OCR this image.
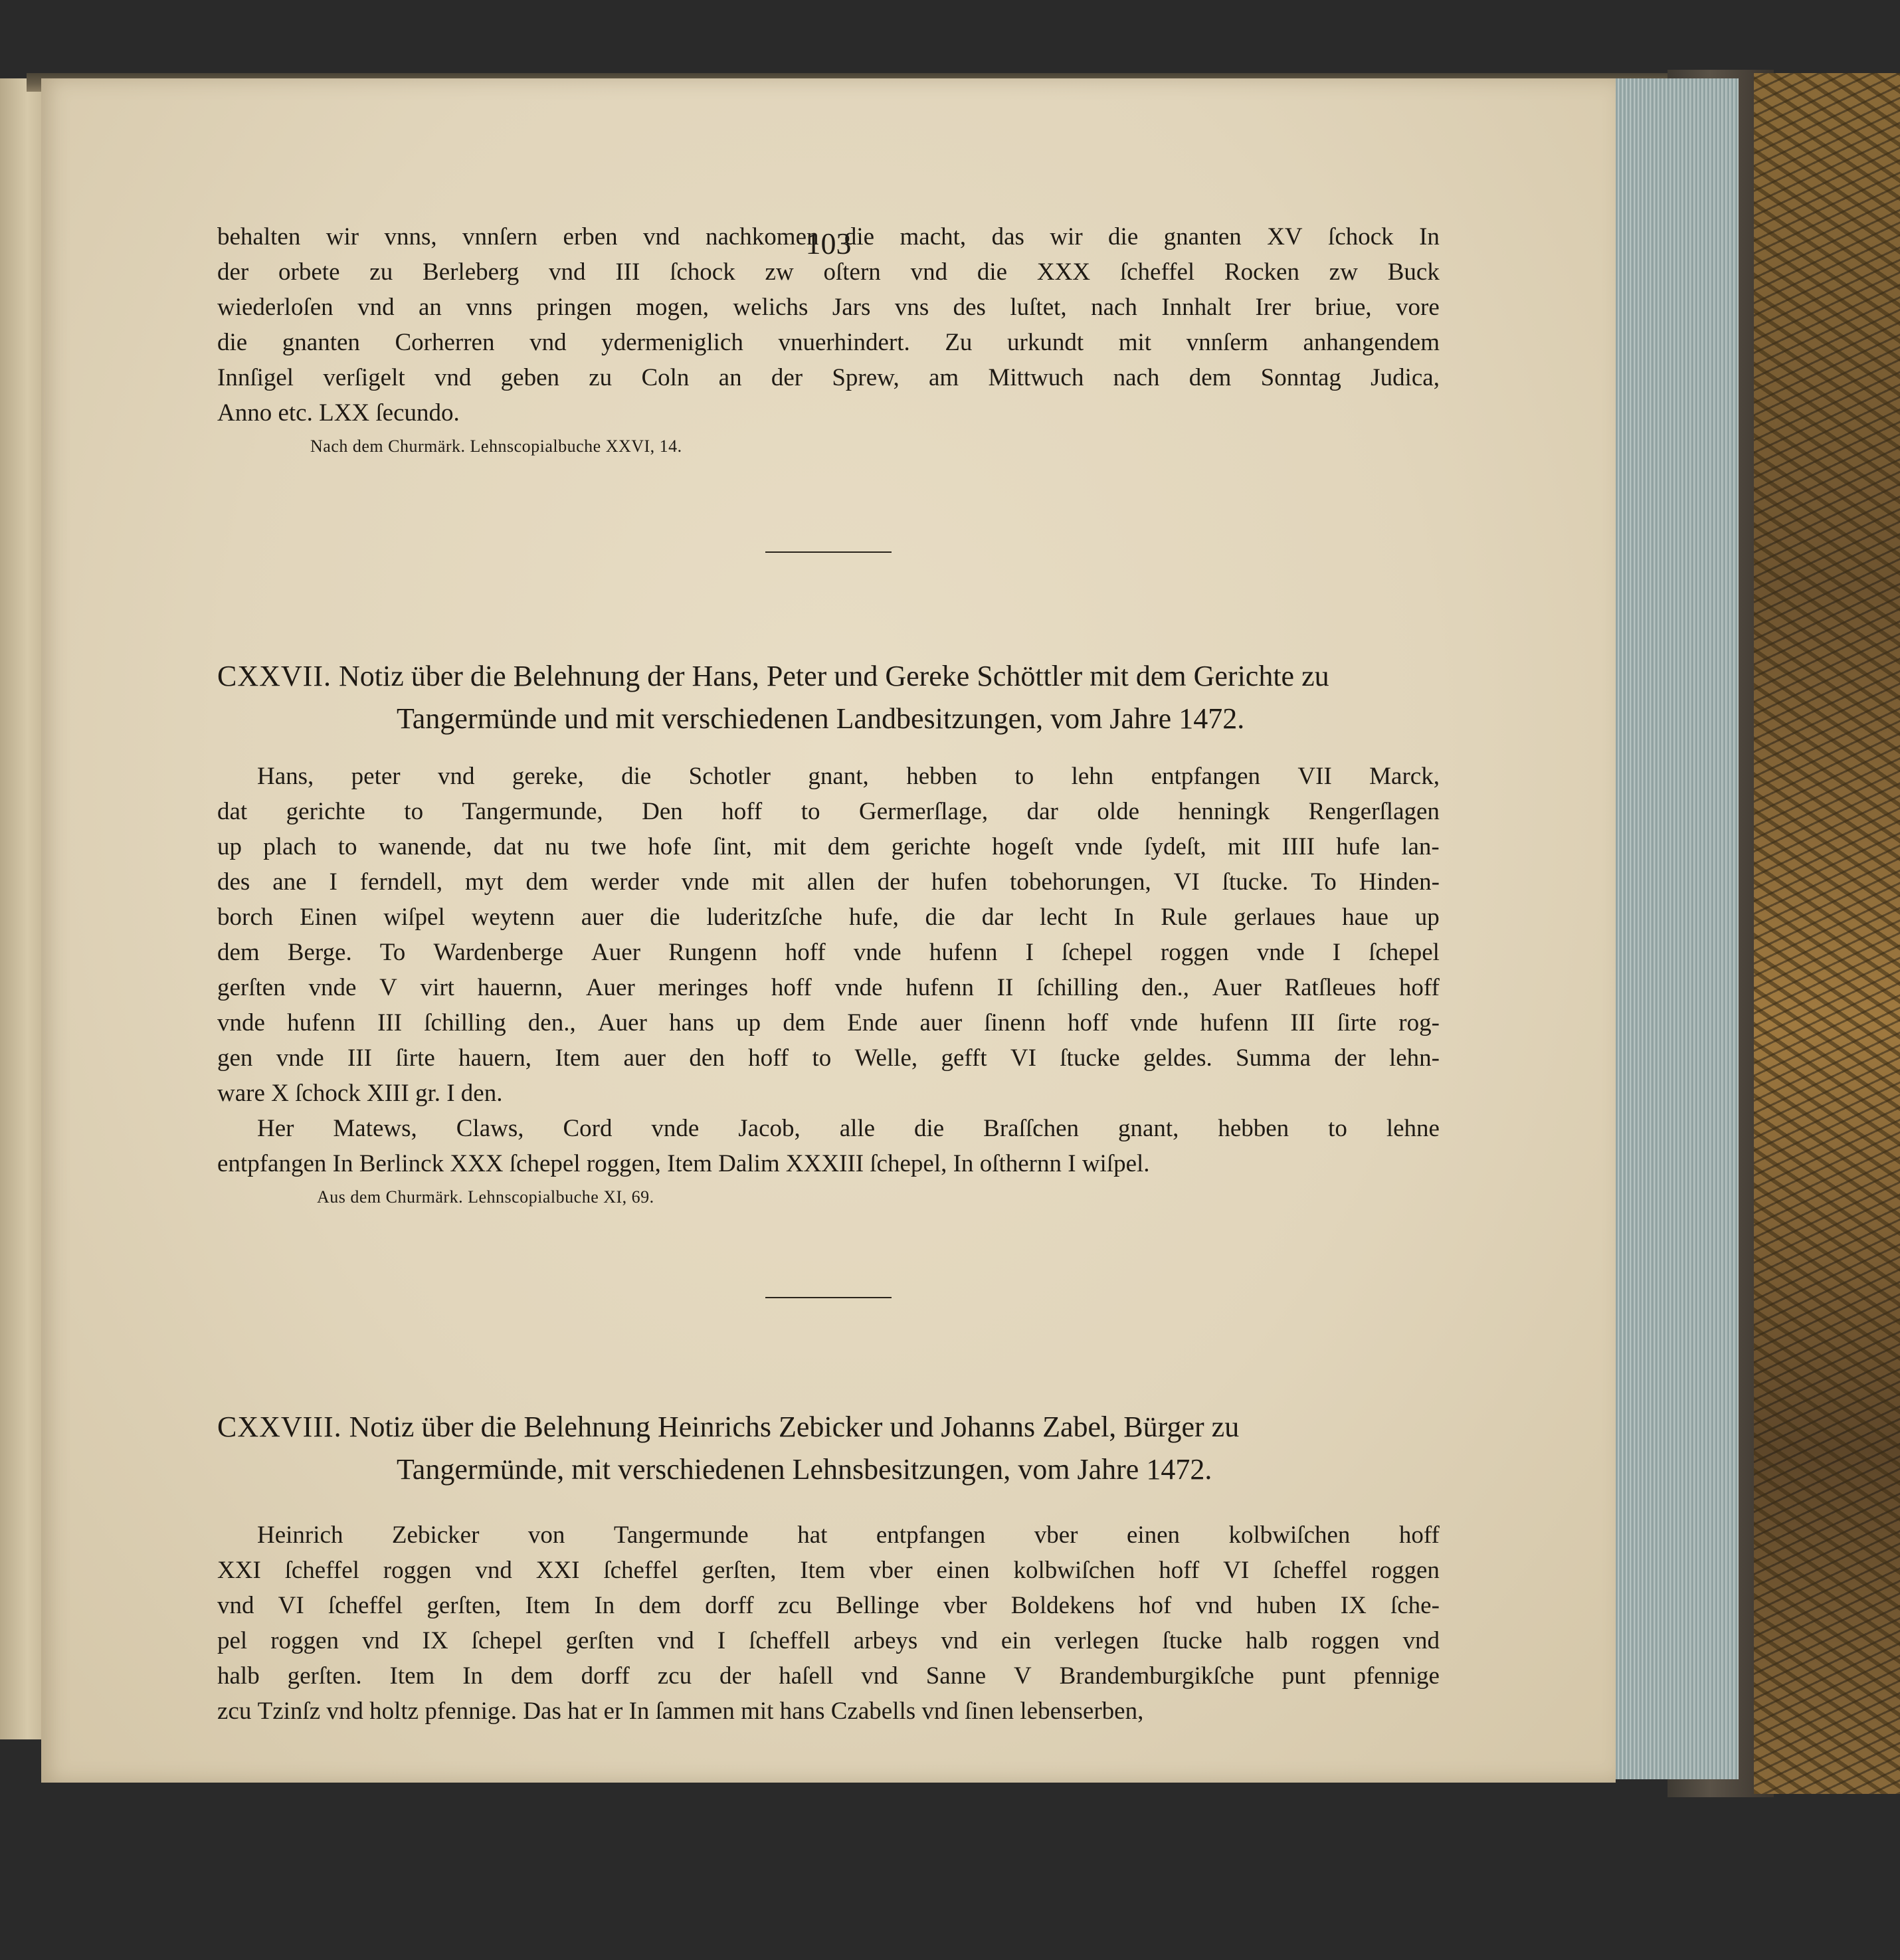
103
behalten wir vnns, vnnſern erben vnd nachkomen die macht, das wir die gnanten XV ſchock In
der orbete zu Berleberg vnd III ſchock zw oſtern vnd die XXX ſcheffel Rocken zw Buck
wiederloſen vnd an vnns pringen mogen, welichs Jars vns des luſtet, nach Innhalt Irer briue, vore
die gnanten Corherren vnd ydermeniglich vnuerhindert. Zu urkundt mit vnnſerm anhangendem
Innſigel verſigelt vnd geben zu Coln an der Sprew, am Mittwuch nach dem Sonntag Judica,
Anno etc. LXX ſecundo.
Nach dem Churmärk. Lehnscopialbuche XXVI, 14.
CXXVII. Notiz über die Belehnung der Hans, Peter und Gereke Schöttler mit dem Gerichte zu
Tangermünde und mit verschiedenen Landbesitzungen, vom Jahre 1472.
Hans, peter vnd gereke, die Schotler gnant, hebben to lehn entpfangen VII Marck,
dat gerichte to Tangermunde, Den hoff to Germerſlage, dar olde henningk Rengerſlagen
up plach to wanende, dat nu twe hofe ſint, mit dem gerichte hogeſt vnde ſydeſt, mit IIII hufe lan-
des ane I ferndell, myt dem werder vnde mit allen der hufen tobehorungen, VI ſtucke. To Hinden-
borch Einen wiſpel weytenn auer die luderitzſche hufe, die dar lecht In Rule gerlaues haue up
dem Berge. To Wardenberge Auer Rungenn hoff vnde hufenn I ſchepel roggen vnde I ſchepel
gerſten vnde V virt hauernn, Auer meringes hoff vnde hufenn II ſchilling den., Auer Ratſleues hoff
vnde hufenn III ſchilling den., Auer hans up dem Ende auer ſinenn hoff vnde hufenn III ſirte rog-
gen vnde III ſirte hauern, Item auer den hoff to Welle, gefft VI ſtucke geldes. Summa der lehn-
ware X ſchock XIII gr. I den.
Her Matews, Claws, Cord vnde Jacob, alle die Braſſchen gnant, hebben to lehne
entpfangen In Berlinck XXX ſchepel roggen, Item Dalim XXXIII ſchepel, In oſthernn I wiſpel.
Aus dem Churmärk. Lehnscopialbuche XI, 69.
CXXVIII. Notiz über die Belehnung Heinrichs Zebicker und Johanns Zabel, Bürger zu
Tangermünde, mit verschiedenen Lehnsbesitzungen, vom Jahre 1472.
Heinrich Zebicker von Tangermunde hat entpfangen vber einen kolbwiſchen hoff
XXI ſcheffel roggen vnd XXI ſcheffel gerſten, Item vber einen kolbwiſchen hoff VI ſcheffel roggen
vnd VI ſcheffel gerſten, Item In dem dorff zcu Bellinge vber Boldekens hof vnd huben IX ſche-
pel roggen vnd IX ſchepel gerſten vnd I ſcheffell arbeys vnd ein verlegen ſtucke halb roggen vnd
halb gerſten. Item In dem dorff zcu der haſell vnd Sanne V Brandemburgikſche punt pfennige
zcu Tzinſz vnd holtz pfennige. Das hat er In ſammen mit hans Czabells vnd ſinen lebenserben,
